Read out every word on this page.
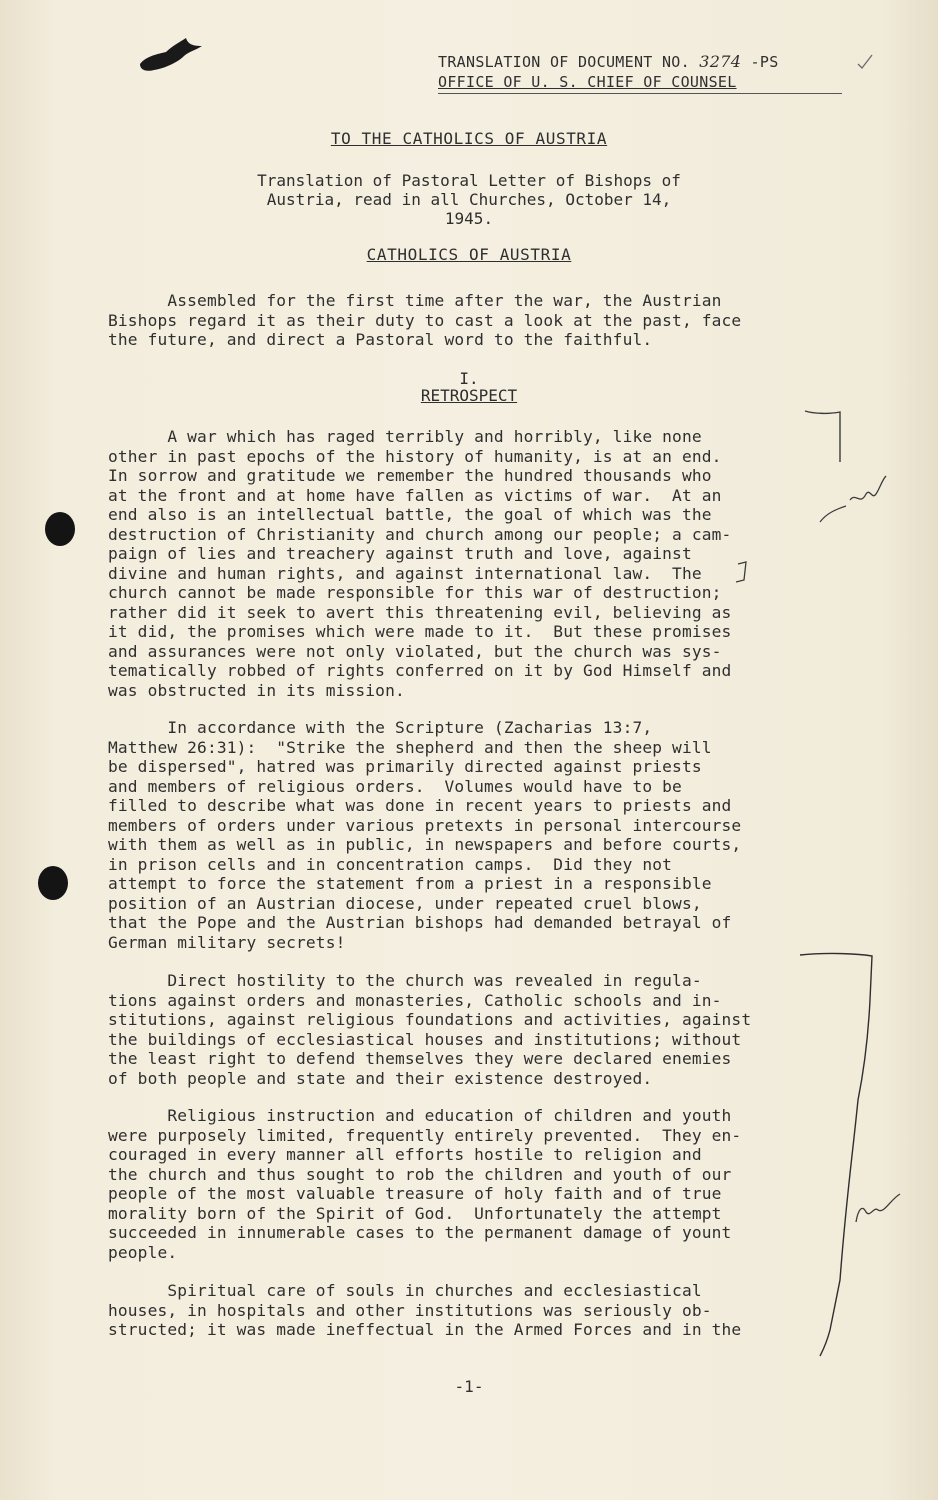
TRANSLATION OF DOCUMENT NO. 3274 -PS
OFFICE OF U. S. CHIEF OF COUNSEL
TO THE CATHOLICS OF AUSTRIA
Translation of Pastoral Letter of Bishops of
Austria, read in all Churches, October 14,
1945.
CATHOLICS OF AUSTRIA
Assembled for the first time after the war, the Austrian
Bishops regard it as their duty to cast a look at the past, face
the future, and direct a Pastoral word to the faithful.
I.
RETROSPECT
A war which has raged terribly and horribly, like none
other in past epochs of the history of humanity, is at an end.
In sorrow and gratitude we remember the hundred thousands who
at the front and at home have fallen as victims of war.  At an
end also is an intellectual battle, the goal of which was the
destruction of Christianity and church among our people; a cam-
paign of lies and treachery against truth and love, against
divine and human rights, and against international law.  The
church cannot be made responsible for this war of destruction;
rather did it seek to avert this threatening evil, believing as
it did, the promises which were made to it.  But these promises
and assurances were not only violated, but the church was sys-
tematically robbed of rights conferred on it by God Himself and
was obstructed in its mission.
In accordance with the Scripture (Zacharias 13:7,
Matthew 26:31):  "Strike the shepherd and then the sheep will
be dispersed", hatred was primarily directed against priests
and members of religious orders.  Volumes would have to be
filled to describe what was done in recent years to priests and
members of orders under various pretexts in personal intercourse
with them as well as in public, in newspapers and before courts,
in prison cells and in concentration camps.  Did they not
attempt to force the statement from a priest in a responsible
position of an Austrian diocese, under repeated cruel blows,
that the Pope and the Austrian bishops had demanded betrayal of
German military secrets!
Direct hostility to the church was revealed in regula-
tions against orders and monasteries, Catholic schools and in-
stitutions, against religious foundations and activities, against
the buildings of ecclesiastical houses and institutions; without
the least right to defend themselves they were declared enemies
of both people and state and their existence destroyed.
Religious instruction and education of children and youth
were purposely limited, frequently entirely prevented.  They en-
couraged in every manner all efforts hostile to religion and
the church and thus sought to rob the children and youth of our
people of the most valuable treasure of holy faith and of true
morality born of the Spirit of God.  Unfortunately the attempt
succeeded in innumerable cases to the permanent damage of yount
people.
Spiritual care of souls in churches and ecclesiastical
houses, in hospitals and other institutions was seriously ob-
structed; it was made ineffectual in the Armed Forces and in the
-1-
